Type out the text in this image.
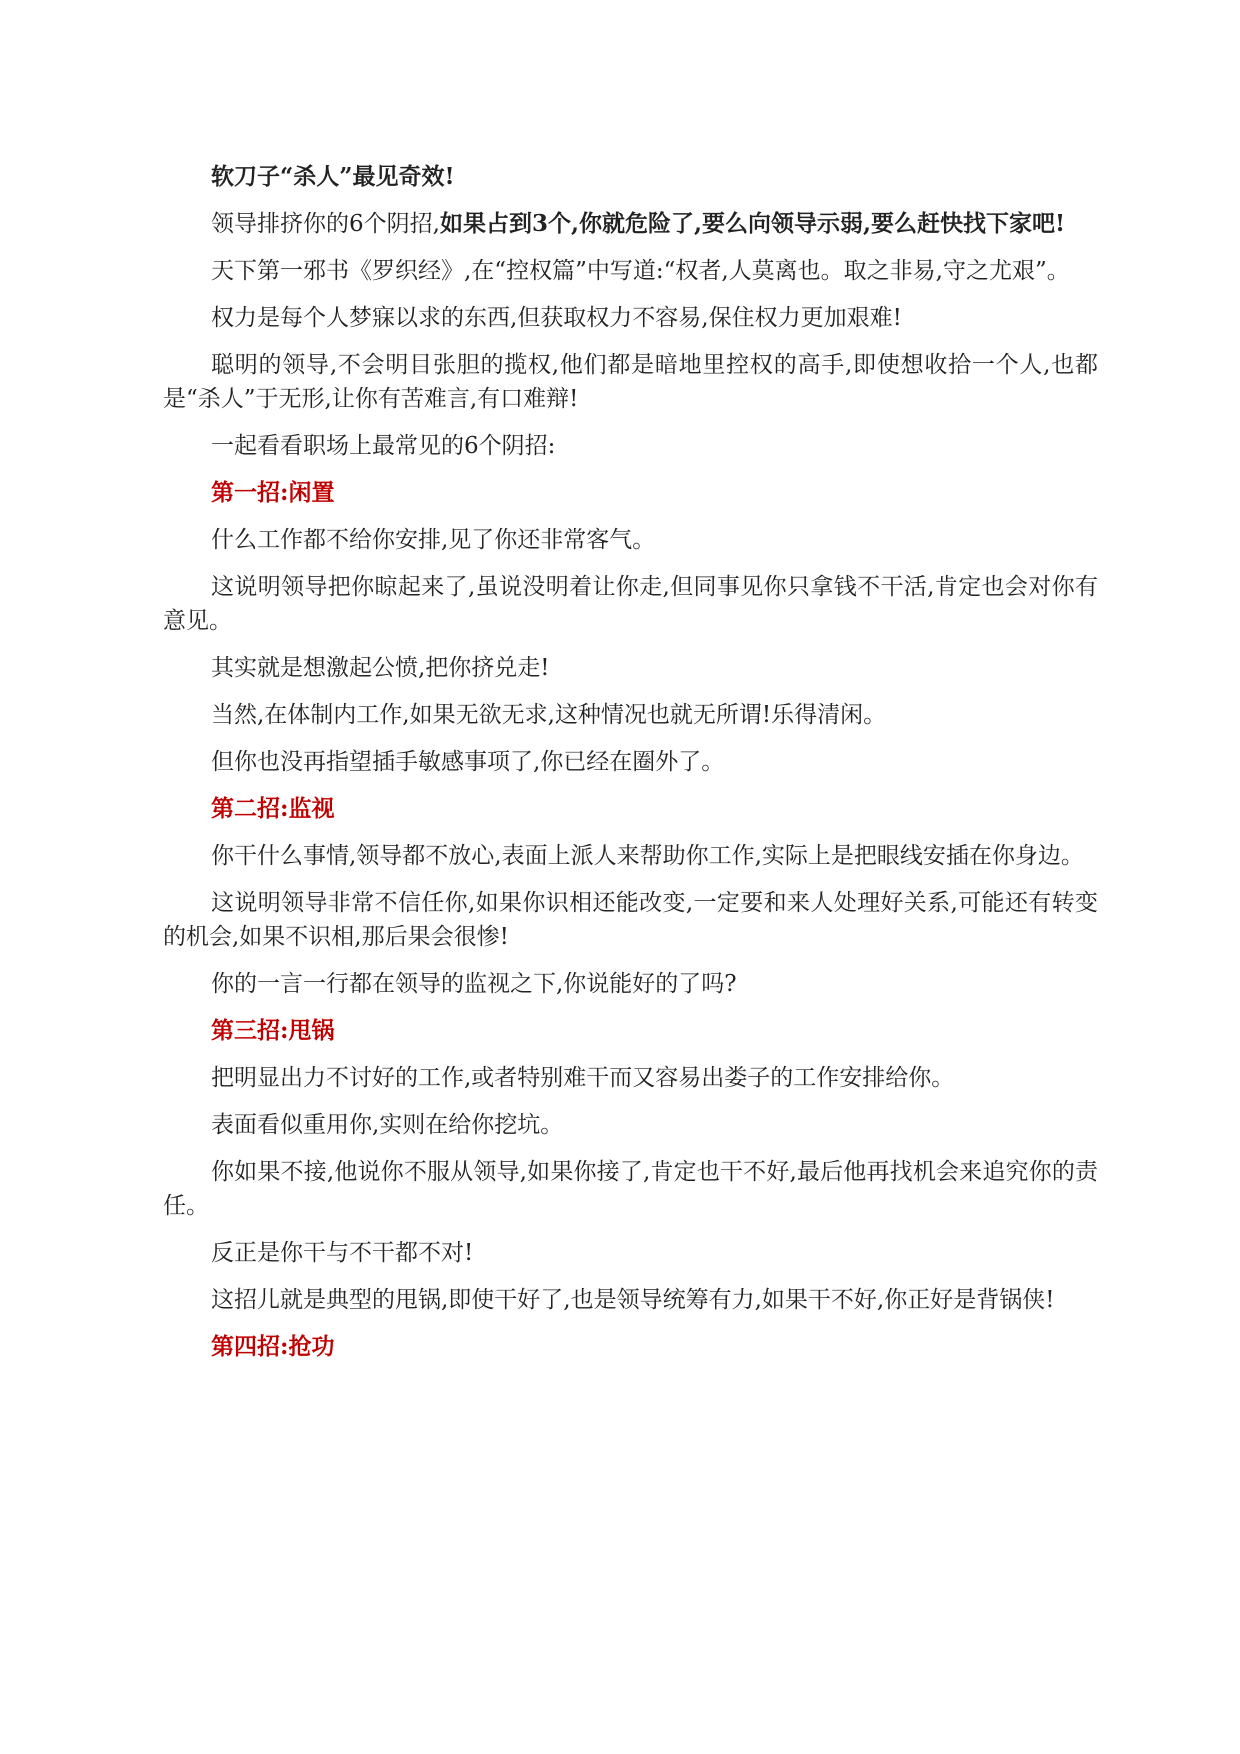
软刀子“杀人”最见奇效!

领导排挤你的6个阴招,如果占到3个,你就危险了,要么向领导示弱,要么赶快找下家吧!

天下第一邪书《罗织经》,在“控权篇”中写道:“权者,人莫离也。取之非易,守之尤艰”。

权力是每个人梦寐以求的东西,但获取权力不容易,保住权力更加艰难!

聪明的领导,不会明目张胆的揽权,他们都是暗地里控权的高手,即使想收拾一个人,也都是“杀人”于无形,让你有苦难言,有口难辩!

一起看看职场上最常见的6个阴招:

第一招:闲置

什么工作都不给你安排,见了你还非常客气。

这说明领导把你晾起来了,虽说没明着让你走,但同事见你只拿钱不干活,肯定也会对你有意见。

其实就是想激起公愤,把你挤兑走!

当然,在体制内工作,如果无欲无求,这种情况也就无所谓!乐得清闲。

但你也没再指望插手敏感事项了,你已经在圈外了。

第二招:监视

你干什么事情,领导都不放心,表面上派人来帮助你工作,实际上是把眼线安插在你身边。

这说明领导非常不信任你,如果你识相还能改变,一定要和来人处理好关系,可能还有转变的机会,如果不识相,那后果会很惨!

你的一言一行都在领导的监视之下,你说能好的了吗?

第三招:甩锅

把明显出力不讨好的工作,或者特别难干而又容易出娄子的工作安排给你。

表面看似重用你,实则在给你挖坑。

你如果不接,他说你不服从领导,如果你接了,肯定也干不好,最后他再找机会来追究你的责任。

反正是你干与不干都不对!

这招儿就是典型的甩锅,即使干好了,也是领导统筹有力,如果干不好,你正好是背锅侠!

第四招:抢功
